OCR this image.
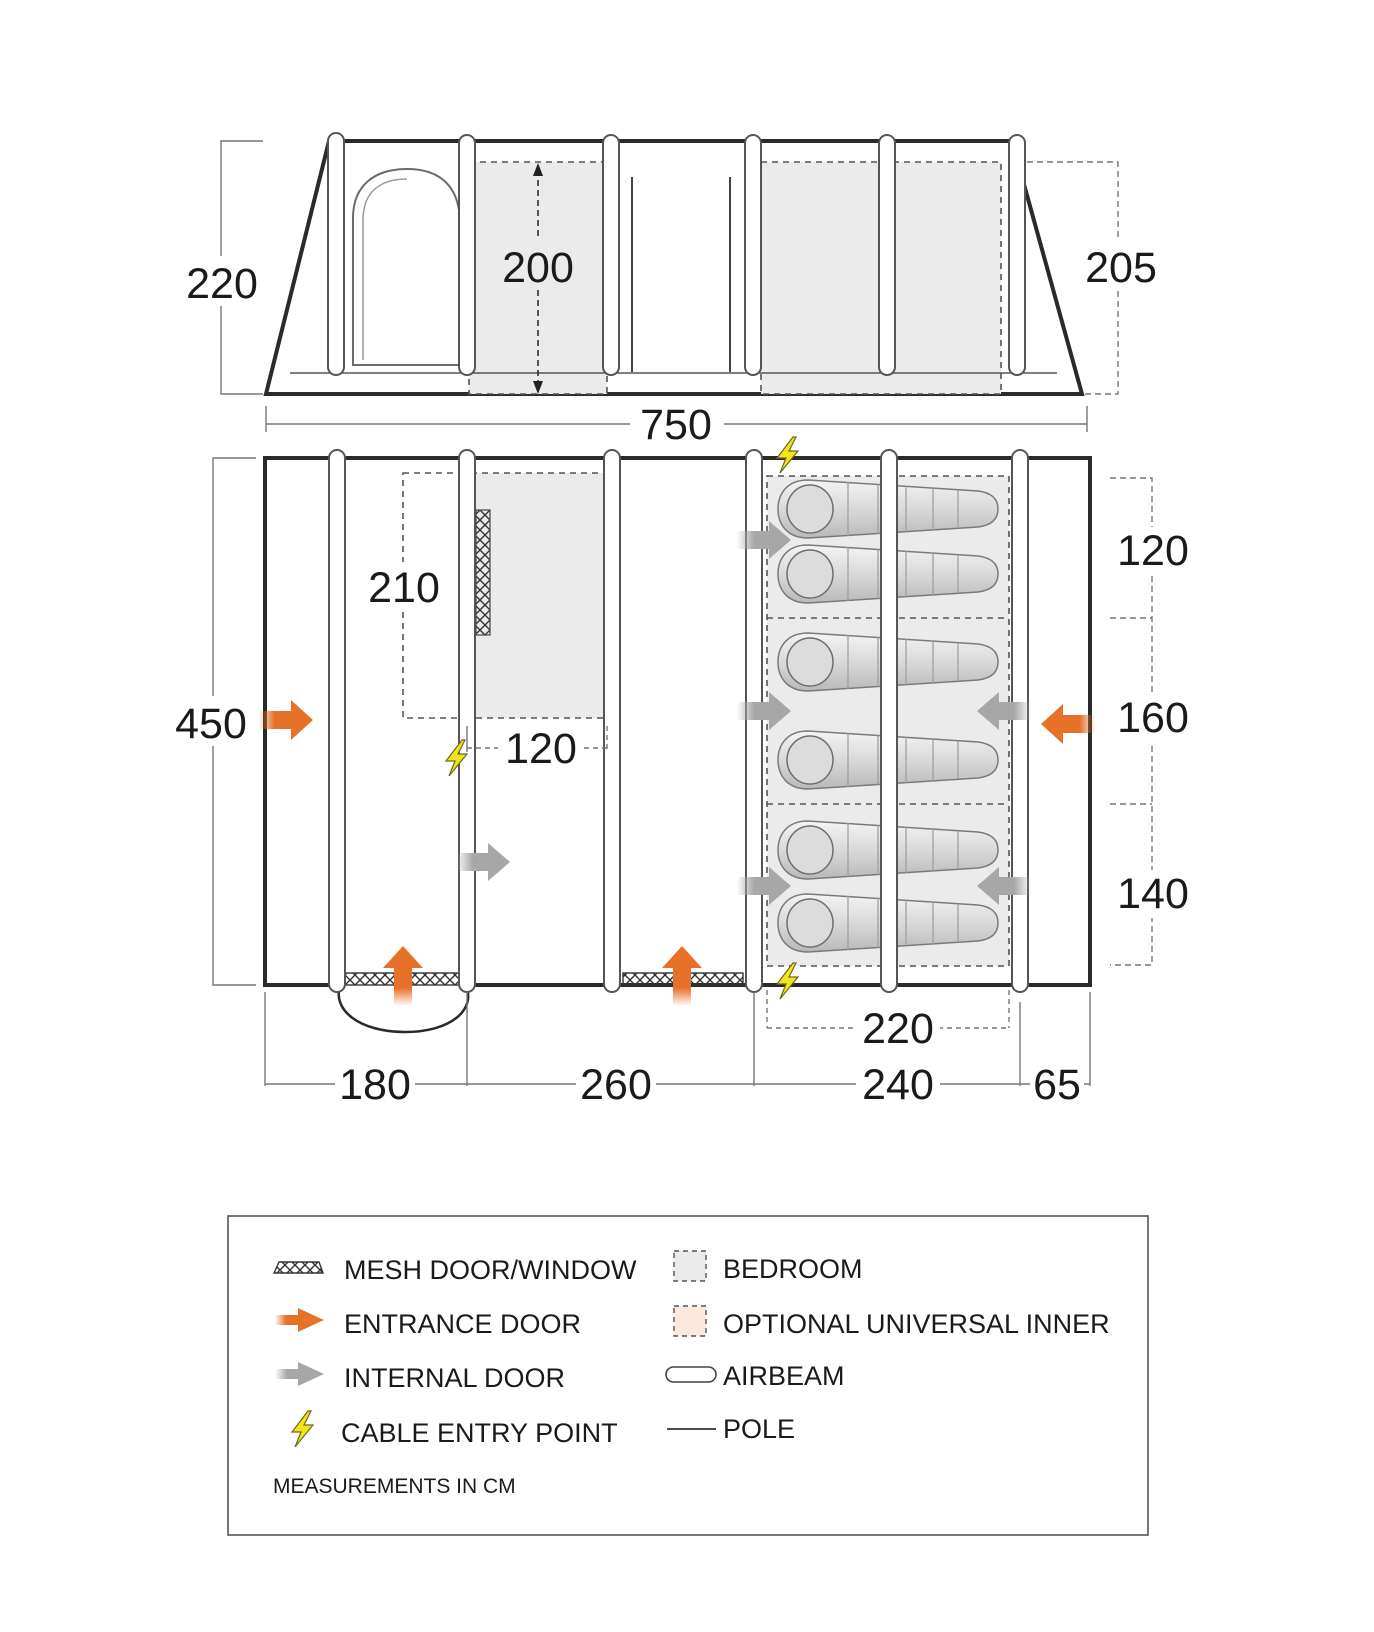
200
220	205
750
450
210
120
120
160
140
220
180	260	240 65
MESH DOOR/WINDOW
ENTRANCE DOOR
INTERNAL DOOR
CABLE ENTRY POINT
MEASUREMENTS IN CM
BEDROOM
OPTIONAL UNIVERSAL INNER
AIRBEAM
POLE
